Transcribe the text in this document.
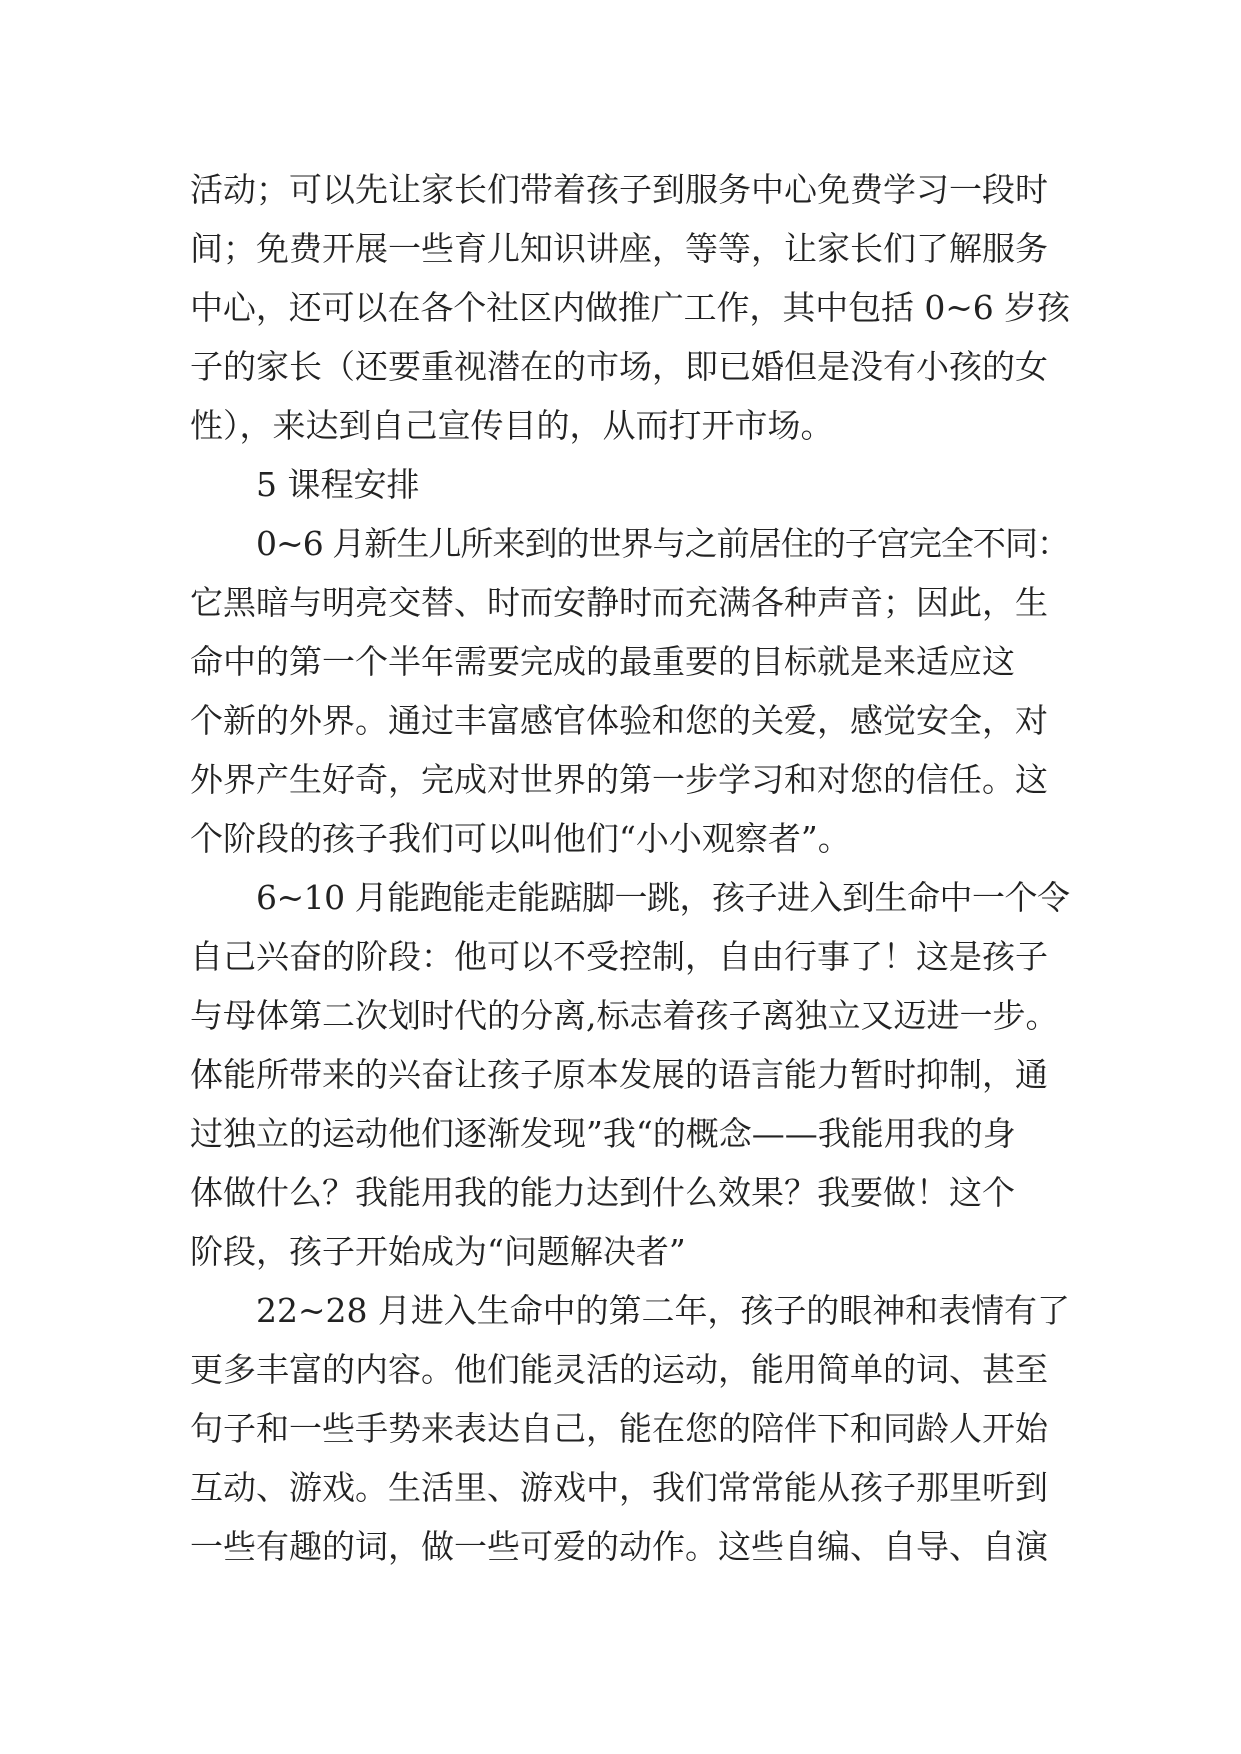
活动；可以先让家长们带着孩子到服务中心免费学习一段时
间；免费开展一些育儿知识讲座，等等，让家长们了解服务
中心，还可以在各个社区内做推广工作，其中包括 0~6 岁孩
子的家长（还要重视潜在的市场，即已婚但是没有小孩的女
性），来达到自己宣传目的，从而打开市场。
5 课程安排
0~6 月新生儿所来到的世界与之前居住的子宫完全不同：
它黑暗与明亮交替、时而安静时而充满各种声音；因此，生
命中的第一个半年需要完成的最重要的目标就是来适应这
个新的外界。通过丰富感官体验和您的关爱，感觉安全，对
外界产生好奇，完成对世界的第一步学习和对您的信任。这
个阶段的孩子我们可以叫他们“小小观察者”。
6~10 月能跑能走能踮脚一跳，孩子进入到生命中一个令
自己兴奋的阶段：他可以不受控制，自由行事了！这是孩子
与母体第二次划时代的分离,标志着孩子离独立又迈进一步。
体能所带来的兴奋让孩子原本发展的语言能力暂时抑制，通
过独立的运动他们逐渐发现”我“的概念——我能用我的身
体做什么？我能用我的能力达到什么效果？我要做！这个
阶段，孩子开始成为“问题解决者”
22~28 月进入生命中的第二年，孩子的眼神和表情有了
更多丰富的内容。他们能灵活的运动，能用简单的词、甚至
句子和一些手势来表达自己，能在您的陪伴下和同龄人开始
互动、游戏。生活里、游戏中，我们常常能从孩子那里听到
一些有趣的词，做一些可爱的动作。这些自编、自导、自演
